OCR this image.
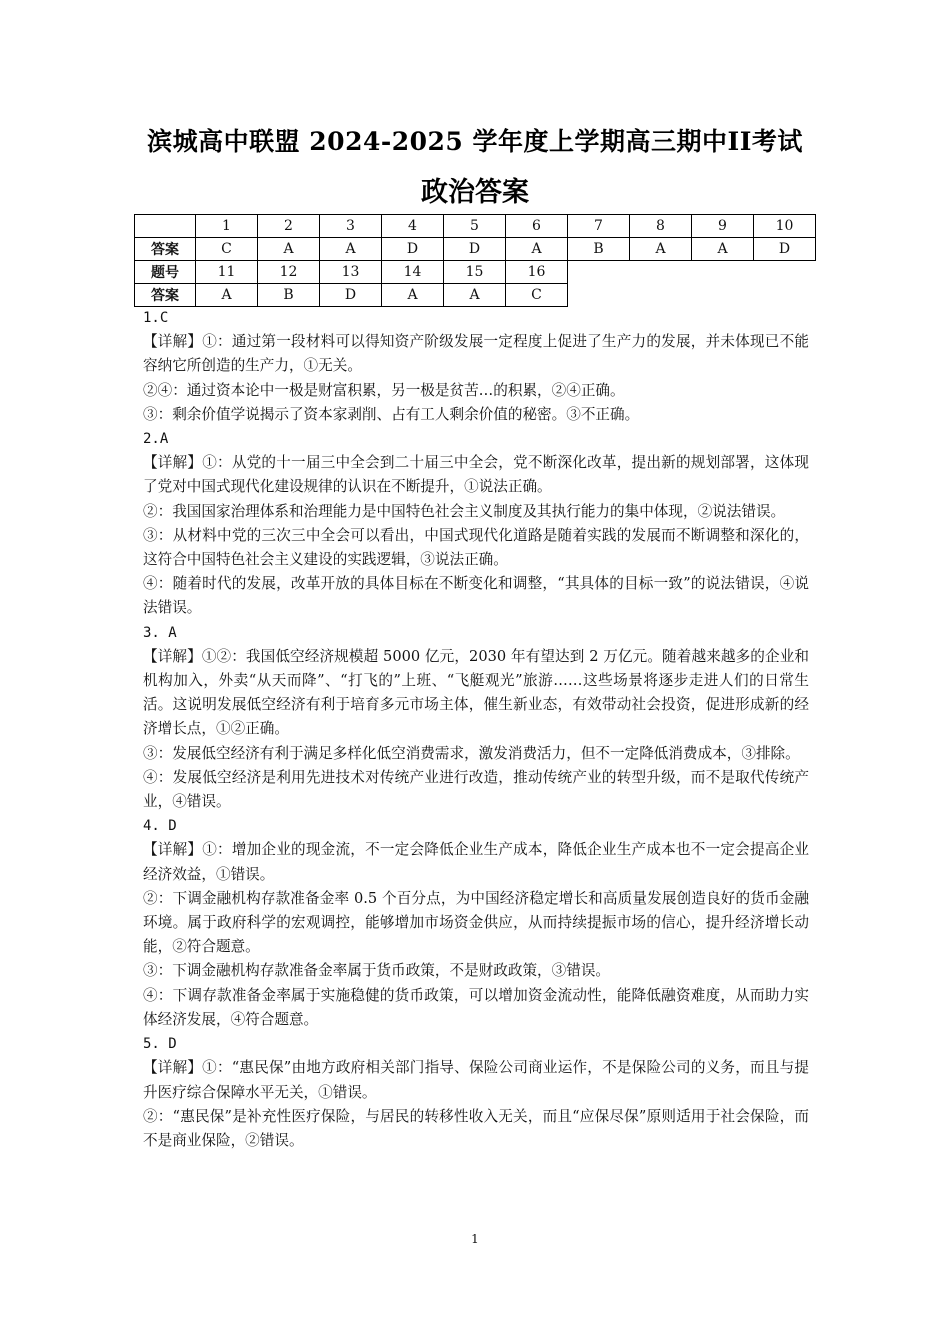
滨城高中联盟 2024-2025 学年度上学期高三期中II考试
政治答案
	1	2	3	4	5	6	7	8	9	10
答案	C	A	A	D	D	A	B	A	A	D
题号	11	12	13	14	15	16				
答案	A	B	D	A	A	C				

1.C

【详解】①：通过第一段材料可以得知资产阶级发展一定程度上促进了生产力的发展，并未体现已不能容纳它所创造的生产力，①无关。

②④：通过资本论中一极是财富积累，另一极是贫苦…的积累，②④正确。

③：剩余价值学说揭示了资本家剥削、占有工人剩余价值的秘密。③不正确。

2.A

【详解】①：从党的十一届三中全会到二十届三中全会，党不断深化改革，提出新的规划部署，这体现了党对中国式现代化建设规律的认识在不断提升，①说法正确。

②：我国国家治理体系和治理能力是中国特色社会主义制度及其执行能力的集中体现，②说法错误。

③：从材料中党的三次三中全会可以看出，中国式现代化道路是随着实践的发展而不断调整和深化的，这符合中国特色社会主义建设的实践逻辑，③说法正确。

④：随着时代的发展，改革开放的具体目标在不断变化和调整，“其具体的目标一致”的说法错误，④说法错误。

3. A

【详解】①②：我国低空经济规模超 5000 亿元，2030 年有望达到 2 万亿元。随着越来越多的企业和机构加入，外卖“从天而降”、“打飞的”上班、“飞艇观光”旅游……这些场景将逐步走进人们的日常生活。这说明发展低空经济有利于培育多元市场主体，催生新业态，有效带动社会投资，促进形成新的经济增长点，①②正确。

③：发展低空经济有利于满足多样化低空消费需求，激发消费活力，但不一定降低消费成本，③排除。

④：发展低空经济是利用先进技术对传统产业进行改造，推动传统产业的转型升级，而不是取代传统产业，④错误。

4. D

【详解】①：增加企业的现金流，不一定会降低企业生产成本，降低企业生产成本也不一定会提高企业经济效益，①错误。

②：下调金融机构存款准备金率 0.5 个百分点，为中国经济稳定增长和高质量发展创造良好的货币金融环境。属于政府科学的宏观调控，能够增加市场资金供应，从而持续提振市场的信心，提升经济增长动能，②符合题意。

③：下调金融机构存款准备金率属于货币政策，不是财政政策，③错误。

④：下调存款准备金率属于实施稳健的货币政策，可以增加资金流动性，能降低融资难度，从而助力实体经济发展，④符合题意。

5. D

【详解】①：“惠民保”由地方政府相关部门指导、保险公司商业运作，不是保险公司的义务，而且与提升医疗综合保障水平无关，①错误。

②：“惠民保”是补充性医疗保险，与居民的转移性收入无关，而且“应保尽保”原则适用于社会保险，而不是商业保险，②错误。

1
